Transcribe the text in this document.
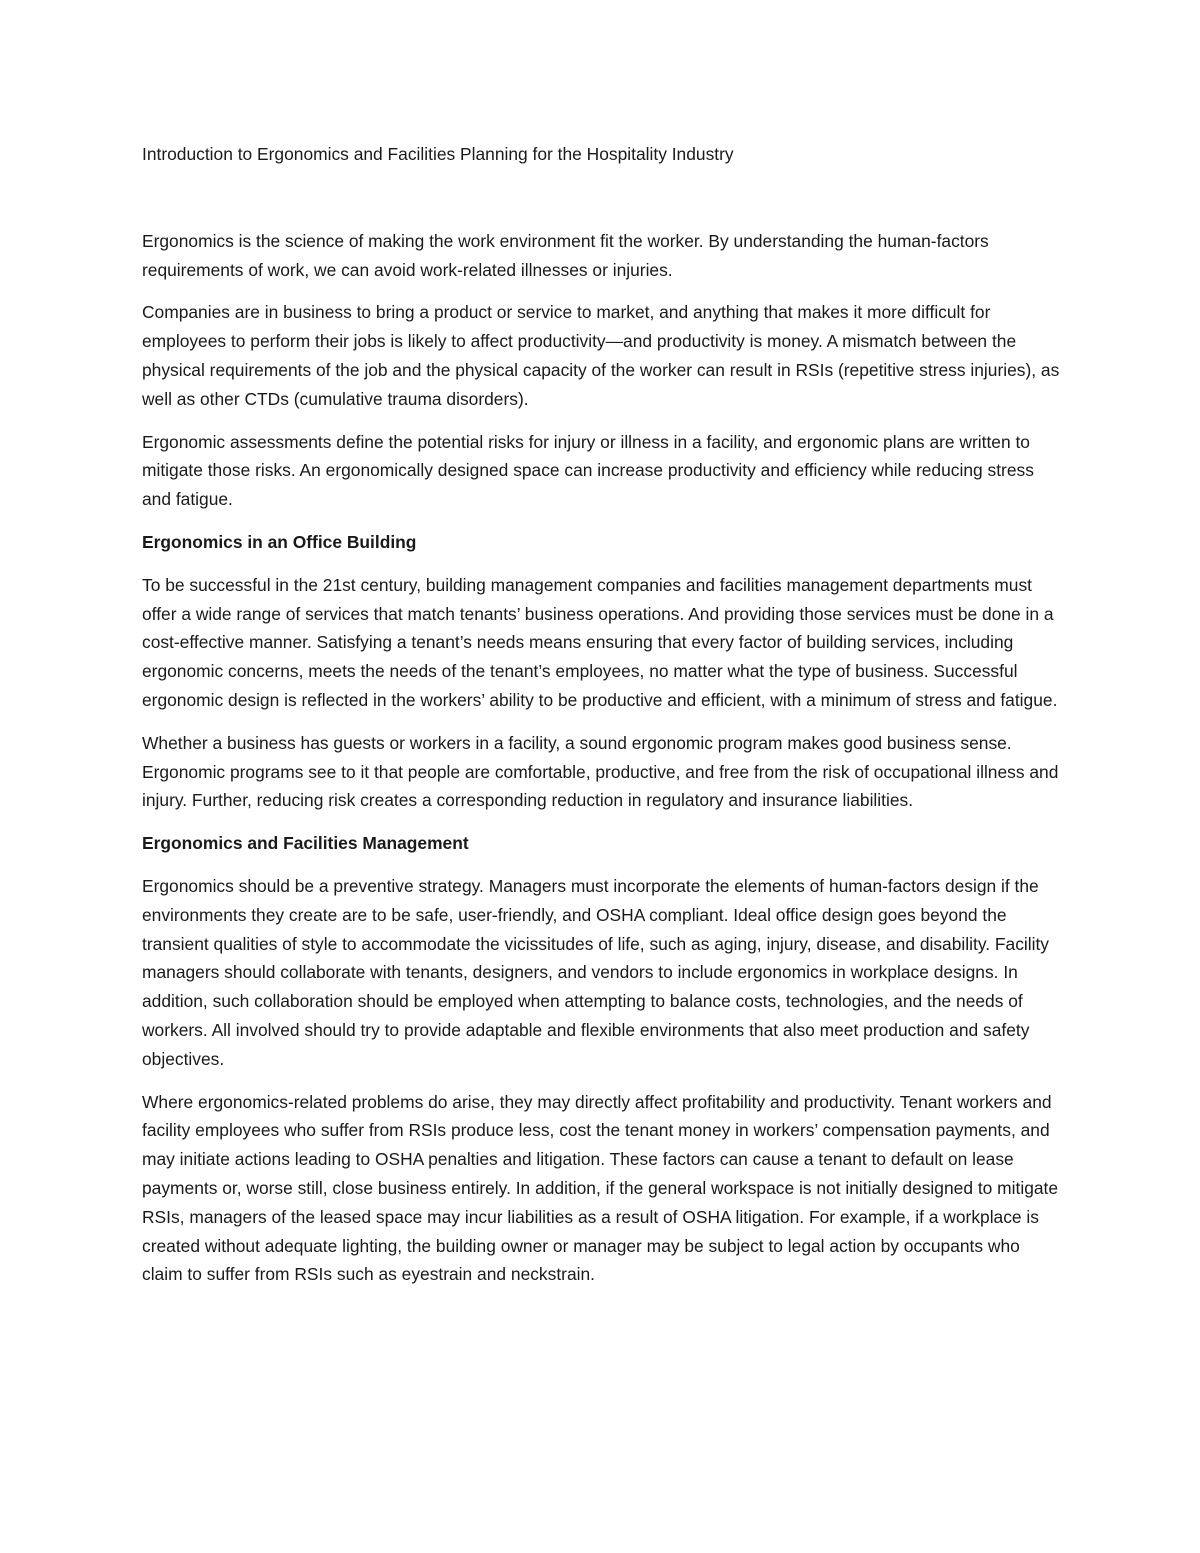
Introduction to Ergonomics and Facilities Planning for the Hospitality Industry

Ergonomics is the science of making the work environment fit the worker. By understanding the human-factors requirements of work, we can avoid work-related illnesses or injuries.

Companies are in business to bring a product or service to market, and anything that makes it more difficult for employees to perform their jobs is likely to affect productivity—and productivity is money. A mismatch between the physical requirements of the job and the physical capacity of the worker can result in RSIs (repetitive stress injuries), as well as other CTDs (cumulative trauma disorders).

Ergonomic assessments define the potential risks for injury or illness in a facility, and ergonomic plans are written to mitigate those risks. An ergonomically designed space can increase productivity and efficiency while reducing stress and fatigue.

Ergonomics in an Office Building

To be successful in the 21st century, building management companies and facilities management departments must offer a wide range of services that match tenants’ business operations. And providing those services must be done in a cost-effective manner. Satisfying a tenant’s needs means ensuring that every factor of building services, including ergonomic concerns, meets the needs of the tenant’s employees, no matter what the type of business. Successful ergonomic design is reflected in the workers’ ability to be productive and efficient, with a minimum of stress and fatigue.

Whether a business has guests or workers in a facility, a sound ergonomic program makes good business sense. Ergonomic programs see to it that people are comfortable, productive, and free from the risk of occupational illness and injury. Further, reducing risk creates a corresponding reduction in regulatory and insurance liabilities.

Ergonomics and Facilities Management

Ergonomics should be a preventive strategy. Managers must incorporate the elements of human-factors design if the environments they create are to be safe, user-friendly, and OSHA compliant. Ideal office design goes beyond the transient qualities of style to accommodate the vicissitudes of life, such as aging, injury, disease, and disability. Facility managers should collaborate with tenants, designers, and vendors to include ergonomics in workplace designs. In addition, such collaboration should be employed when attempting to balance costs, technologies, and the needs of workers. All involved should try to provide adaptable and flexible environments that also meet production and safety objectives.

Where ergonomics-related problems do arise, they may directly affect profitability and productivity. Tenant workers and facility employees who suffer from RSIs produce less, cost the tenant money in workers’ compensation payments, and may initiate actions leading to OSHA penalties and litigation. These factors can cause a tenant to default on lease payments or, worse still, close business entirely. In addition, if the general workspace is not initially designed to mitigate RSIs, managers of the leased space may incur liabilities as a result of OSHA litigation. For example, if a workplace is created without adequate lighting, the building owner or manager may be subject to legal action by occupants who claim to suffer from RSIs such as eyestrain and neckstrain.
